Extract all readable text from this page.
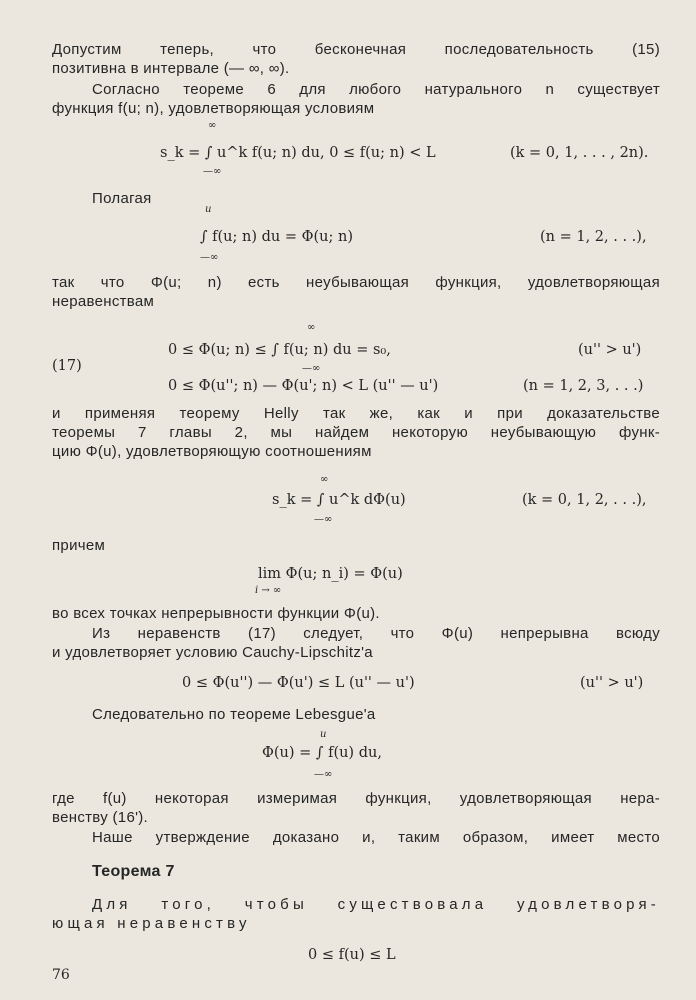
Допустим теперь, что бесконечная последовательность (15)
позитивна в интервале (— ∞, ∞).
Согласно теореме 6 для любого натурального n существует
функция f(u; n), удовлетворяющая условиям
∞
s_k = ∫ u^k f(u; n) du, 0 ≤ f(u; n) < L	(k = 0, 1, . . . , 2n).
—∞
Полагая
u
∫ f(u; n) du = Φ(u; n)	(n = 1, 2, . . .),
—∞
так что Φ(u; n) есть неубывающая функция, удовлетворяющая
неравенствам
∞
0 ≤ Φ(u; n) ≤ ∫ f(u; n) du = s₀,	(u'' > u')
—∞
(17)
0 ≤ Φ(u''; n) — Φ(u'; n) < L (u'' — u')	(n = 1, 2, 3, . . .)
и применяя теорему Helly так же, как и при доказательстве
теоремы 7 главы 2, мы найдем некоторую неубывающую функ-
цию Φ(u), удовлетворяющую соотношениям
∞
s_k = ∫ u^k dΦ(u)	(k = 0, 1, 2, . . .),
—∞
причем
lim Φ(u; n_i) = Φ(u)
i → ∞
во всех точках непрерывности функции Φ(u).
Из неравенств (17) следует, что Φ(u) непрерывна всюду
и удовлетворяет условию Cauchy-Lipschitz'a
0 ≤ Φ(u'') — Φ(u') ≤ L (u'' — u')	(u'' > u')
Следовательно по теореме Lebesgue'a
u
Φ(u) = ∫ f(u) du,
—∞
где f(u) некоторая измеримая функция, удовлетворяющая нера-
венству (16').
Наше утверждение доказано и, таким образом, имеет место
Теорема 7
Для того, чтобы существовала удовлетворя-
ющая неравенству
0 ≤ f(u) ≤ L
76
